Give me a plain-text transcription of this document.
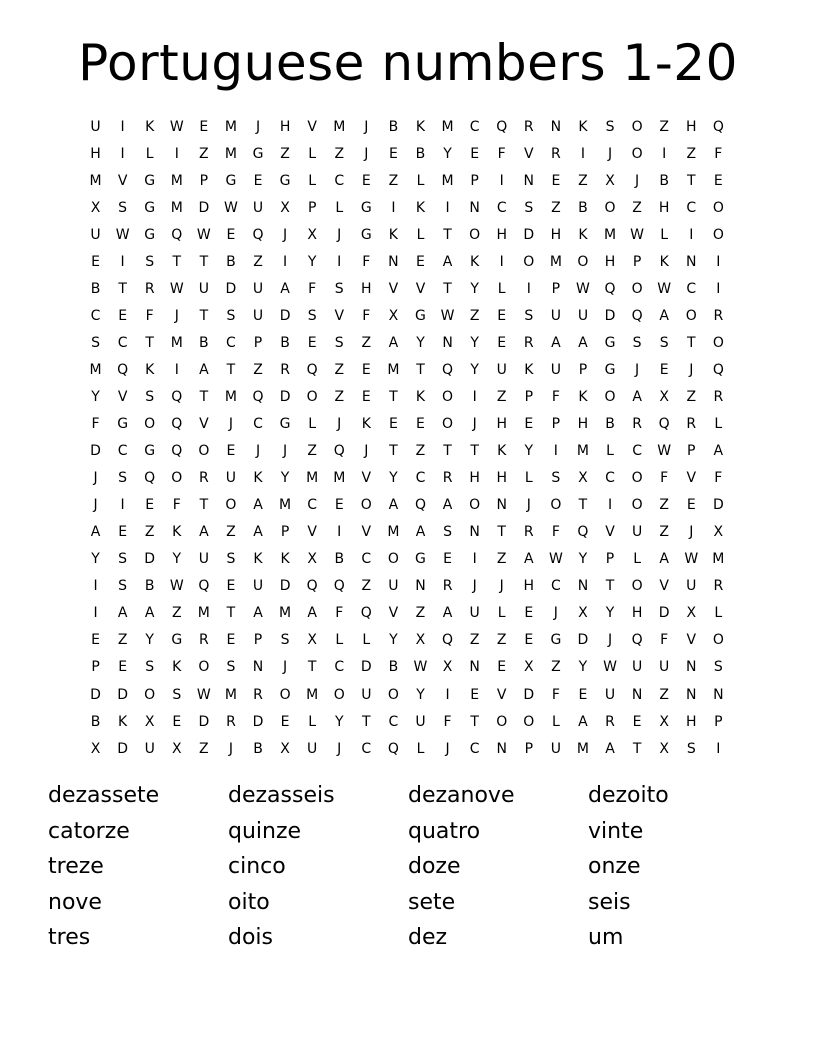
Portuguese numbers 1-20
U	I	K	W	E	M	J	H	V	M	J	B	K	M	C	Q	R	N	K	S	O	Z	H	Q
H	I	L	I	Z	M	G	Z	L	Z	J	E	B	Y	E	F	V	R	I	J	O	I	Z	F
M	V	G	M	P	G	E	G	L	C	E	Z	L	M	P	I	N	E	Z	X	J	B	T	E
X	S	G	M	D	W	U	X	P	L	G	I	K	I	N	C	S	Z	B	O	Z	H	C	O
U	W	G	Q	W	E	Q	J	X	J	G	K	L	T	O	H	D	H	K	M	W	L	I	O
E	I	S	T	T	B	Z	I	Y	I	F	N	E	A	K	I	O	M	O	H	P	K	N	I
B	T	R	W	U	D	U	A	F	S	H	V	V	T	Y	L	I	P	W	Q	O	W	C	I
C	E	F	J	T	S	U	D	S	V	F	X	G	W	Z	E	S	U	U	D	Q	A	O	R
S	C	T	M	B	C	P	B	E	S	Z	A	Y	N	Y	E	R	A	A	G	S	S	T	O
M	Q	K	I	A	T	Z	R	Q	Z	E	M	T	Q	Y	U	K	U	P	G	J	E	J	Q
Y	V	S	Q	T	M	Q	D	O	Z	E	T	K	O	I	Z	P	F	K	O	A	X	Z	R
F	G	O	Q	V	J	C	G	L	J	K	E	E	O	J	H	E	P	H	B	R	Q	R	L
D	C	G	Q	O	E	J	J	Z	Q	J	T	Z	T	T	K	Y	I	M	L	C	W	P	A
J	S	Q	O	R	U	K	Y	M	M	V	Y	C	R	H	H	L	S	X	C	O	F	V	F
J	I	E	F	T	O	A	M	C	E	O	A	Q	A	O	N	J	O	T	I	O	Z	E	D
A	E	Z	K	A	Z	A	P	V	I	V	M	A	S	N	T	R	F	Q	V	U	Z	J	X
Y	S	D	Y	U	S	K	K	X	B	C	O	G	E	I	Z	A	W	Y	P	L	A	W	M
I	S	B	W	Q	E	U	D	Q	Q	Z	U	N	R	J	J	H	C	N	T	O	V	U	R
I	A	A	Z	M	T	A	M	A	F	Q	V	Z	A	U	L	E	J	X	Y	H	D	X	L
E	Z	Y	G	R	E	P	S	X	L	L	Y	X	Q	Z	Z	E	G	D	J	Q	F	V	O
P	E	S	K	O	S	N	J	T	C	D	B	W	X	N	E	X	Z	Y	W	U	U	N	S
D	D	O	S	W	M	R	O	M	O	U	O	Y	I	E	V	D	F	E	U	N	Z	N	N
B	K	X	E	D	R	D	E	L	Y	T	C	U	F	T	O	O	L	A	R	E	X	H	P
X	D	U	X	Z	J	B	X	U	J	C	Q	L	J	C	N	P	U	M	A	T	X	S	I
dezassete	dezasseis	dezanove	dezoito
catorze	quinze	quatro	vinte
treze	cinco	doze	onze
nove	oito	sete	seis
tres	dois	dez	um
